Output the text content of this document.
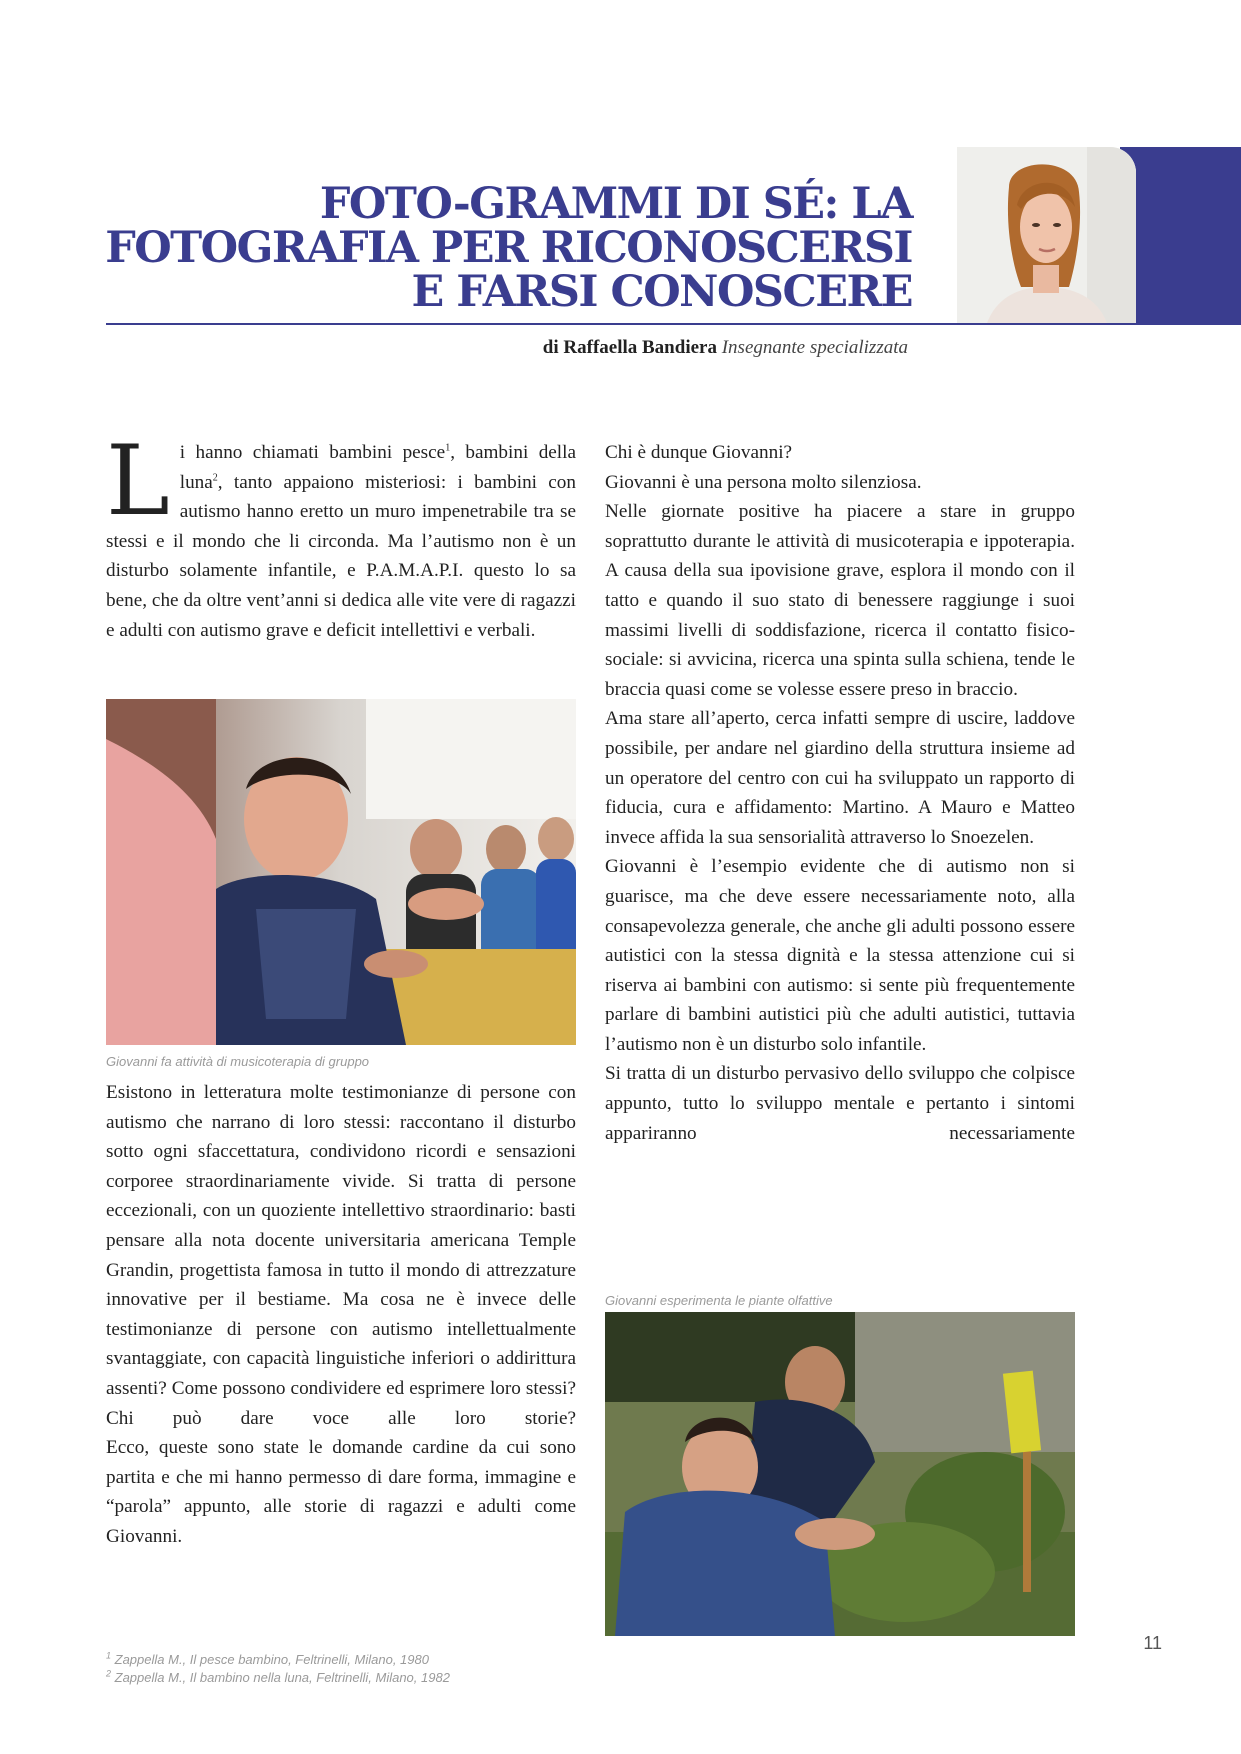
FOTO-GRAMMI DI SÉ: LA
FOTOGRAFIA PER RICONOSCERSI
E FARSI CONOSCERE
di Raffaella Bandiera Insegnante specializzata
L i hanno chiamati bambini pesce$^1$, bambini della luna$^2$, tanto appaiono misteriosi: i bambini con autismo hanno eretto un muro impenetrabile tra se stessi e il mondo che li circonda. Ma l’autismo non è un disturbo solamente infantile, e P.A.M.A.P.I. questo lo sa bene, che da oltre vent’anni si dedica alle vite vere di ragazzi e adulti con autismo grave e deficit intellettivi e verbali.

Giovanni fa attività di musicoterapia di gruppo

Esistono in letteratura molte testimonianze di persone con autismo che narrano di loro stessi: raccontano il disturbo sotto ogni sfaccettatura, condividono ricordi e sensazioni corporee straordinariamente vivide. Si tratta di persone eccezionali, con un quoziente intellettivo straordinario: basti pensare alla nota docente universitaria americana Temple Grandin, progettista famosa in tutto il mondo di attrezzature innovative per il bestiame. Ma cosa ne è invece delle testimonianze di persone con autismo intellettualmente svantaggiate, con capacità linguistiche inferiori o addirittura assenti? Come possono condividere ed esprimere loro stessi? Chi può dare voce alle loro storie?

Ecco, queste sono state le domande cardine da cui sono partita e che mi hanno permesso di dare forma, immagine e “parola” appunto, alle storie di ragazzi e adulti come Giovanni.

Chi è dunque Giovanni?

Giovanni è una persona molto silenziosa.

Nelle giornate positive ha piacere a stare in gruppo soprattutto durante le attività di musicoterapia e ippoterapia. A causa della sua ipovisione grave, esplora il mondo con il tatto e quando il suo stato di benessere raggiunge i suoi massimi livelli di soddisfazione, ricerca il contatto fisico-sociale: si avvicina, ricerca una spinta sulla schiena, tende le braccia quasi come se volesse essere preso in braccio.

Ama stare all’aperto, cerca infatti sempre di uscire, laddove possibile, per andare nel giardino della struttura insieme ad un operatore del centro con cui ha sviluppato un rapporto di fiducia, cura e affidamento: Martino. A Mauro e Matteo invece affida la sua sensorialità attraverso lo Snoezelen.

Giovanni è l’esempio evidente che di autismo non si guarisce, ma che deve essere necessariamente noto, alla consapevolezza generale, che anche gli adulti possono essere autistici con la stessa dignità e la stessa attenzione cui si riserva ai bambini con autismo: si sente più frequentemente parlare di bambini autistici più che adulti autistici, tuttavia l’autismo non è un disturbo solo infantile.

Si tratta di un disturbo pervasivo dello sviluppo che colpisce appunto, tutto lo sviluppo mentale e pertanto i sintomi appariranno necessariamente

Giovanni esperimenta le piante olfattive
$^1$ Zappella M., Il pesce bambino, Feltrinelli, Milano, 1980
$^2$ Zappella M., Il bambino nella luna, Feltrinelli, Milano, 1982
11
